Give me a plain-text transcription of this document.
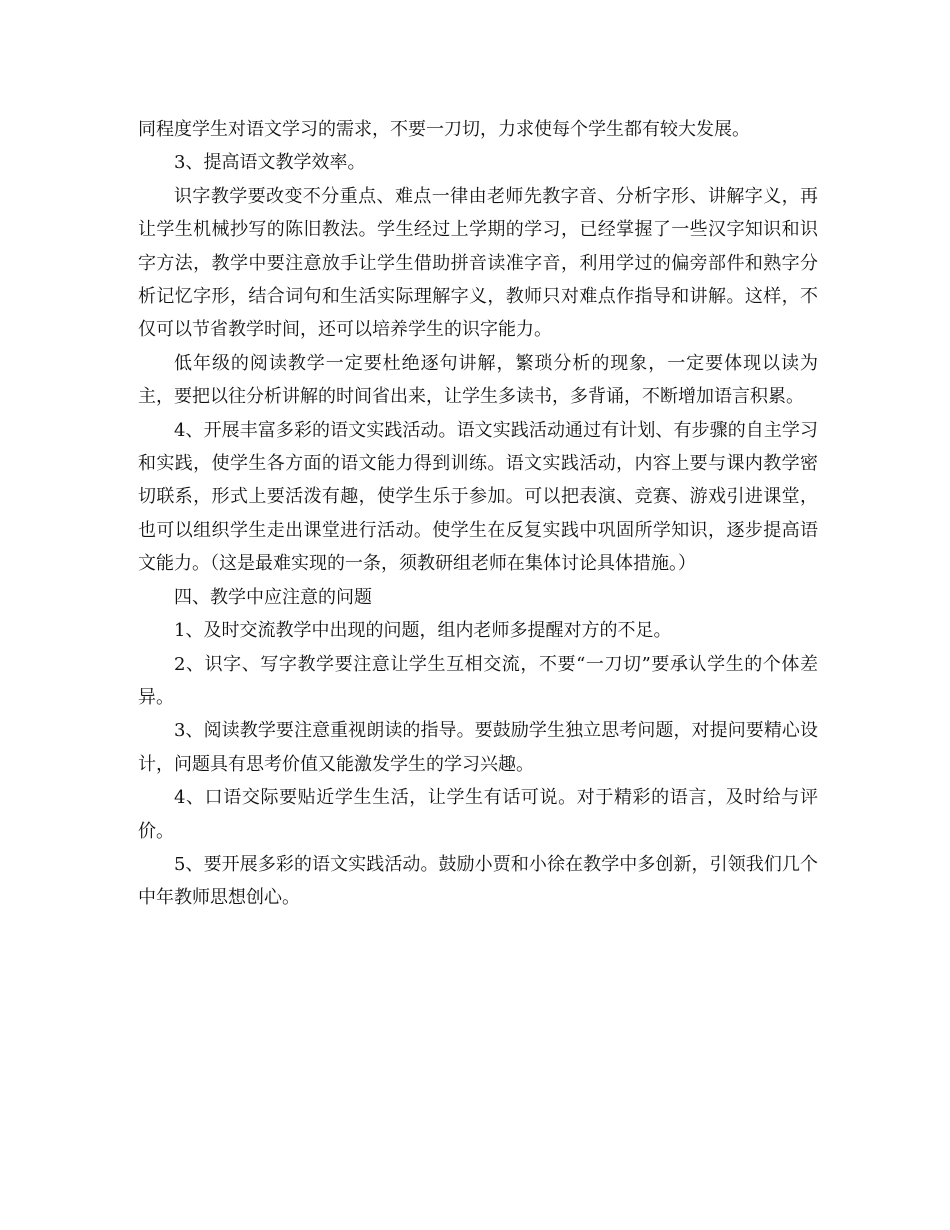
同程度学生对语文学习的需求，不要一刀切，力求使每个学生都有较大发展。

3、提高语文教学效率。

识字教学要改变不分重点、难点一律由老师先教字音、分析字形、讲解字义，再让学生机械抄写的陈旧教法。学生经过上学期的学习，已经掌握了一些汉字知识和识字方法，教学中要注意放手让学生借助拼音读准字音，利用学过的偏旁部件和熟字分析记忆字形，结合词句和生活实际理解字义，教师只对难点作指导和讲解。这样，不仅可以节省教学时间，还可以培养学生的识字能力。

低年级的阅读教学一定要杜绝逐句讲解，繁琐分析的现象，一定要体现以读为主，要把以往分析讲解的时间省出来，让学生多读书，多背诵，不断增加语言积累。

4、开展丰富多彩的语文实践活动。语文实践活动通过有计划、有步骤的自主学习和实践，使学生各方面的语文能力得到训练。语文实践活动，内容上要与课内教学密切联系，形式上要活泼有趣，使学生乐于参加。可以把表演、竞赛、游戏引进课堂，也可以组织学生走出课堂进行活动。使学生在反复实践中巩固所学知识，逐步提高语文能力。（这是最难实现的一条，须教研组老师在集体讨论具体措施。）

四、教学中应注意的问题

1、及时交流教学中出现的问题，组内老师多提醒对方的不足。

2、识字、写字教学要注意让学生互相交流，不要“一刀切”要承认学生的个体差异。

3、阅读教学要注意重视朗读的指导。要鼓励学生独立思考问题，对提问要精心设计，问题具有思考价值又能激发学生的学习兴趣。

4、口语交际要贴近学生生活，让学生有话可说。对于精彩的语言，及时给与评价。

5、要开展多彩的语文实践活动。鼓励小贾和小徐在教学中多创新，引领我们几个中年教师思想创心。
